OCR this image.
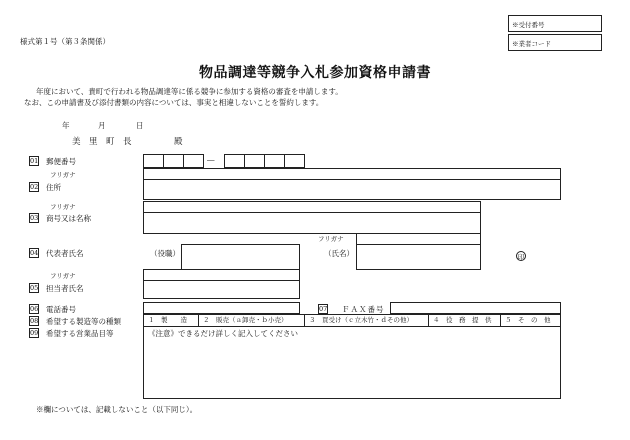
様式第１号（第３条関係）
※受付番号
※業者コード
物品調達等競争入札参加資格申請書
年度において、貴町で行われる物品調達等に係る競争に参加する資格の審査を申請します。
なお、この申請書及び添付書類の内容については、事実と相違しないことを誓約します。
年	月	日
美　里　町　長	殿
01 郵便番号	―
フリガナ
02 住所
フリガナ
03 商号又は名称
フリガナ
04 代表者氏名	（役職）	（氏名）	印
フリガナ
05 担当者氏名
06 電話番号	07 ＦＡＸ番号
08 希望する製造等の種類	１　製　　造	２　販売（ａ卸売・ｂ小売）	３　買受け（ｃ立木竹・ｄその他）	４　役　務　提　供	５　そ　の　他
09 希望する営業品目等	《注意》できるだけ詳しく記入してください
※欄については、記載しないこと（以下同じ）。
